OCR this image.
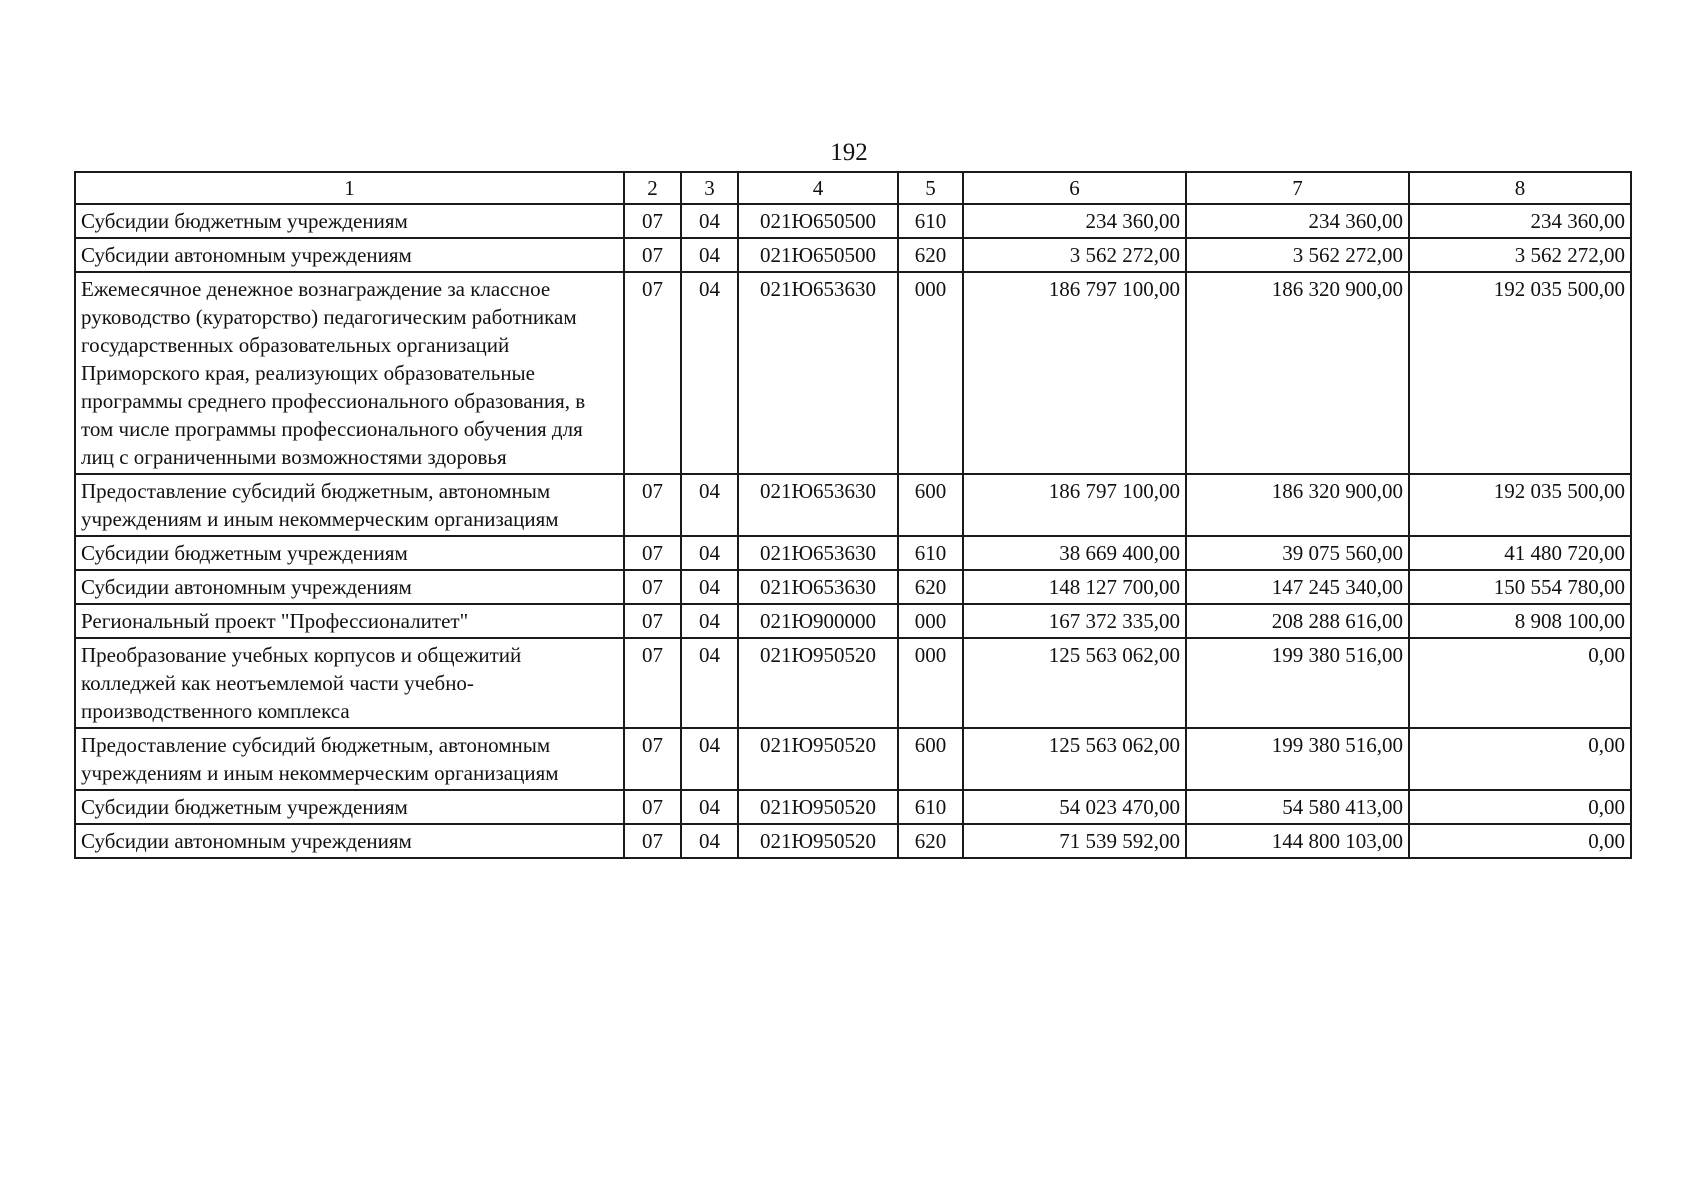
192
1	2	3	4	5	6	7	8
Субсидии бюджетным учреждениям	07	04	021Ю650500	610	234 360,00	234 360,00	234 360,00
Субсидии автономным учреждениям	07	04	021Ю650500	620	3 562 272,00	3 562 272,00	3 562 272,00
Ежемесячное денежное вознаграждение за классное руководство (кураторство) педагогическим работникам государственных образовательных организаций Приморского края, реализующих образовательные программы среднего профессионального образования, в том числе программы профессионального обучения для лиц с ограниченными возможностями здоровья	07	04	021Ю653630	000	186 797 100,00	186 320 900,00	192 035 500,00
Предоставление субсидий бюджетным, автономным учреждениям и иным некоммерческим организациям	07	04	021Ю653630	600	186 797 100,00	186 320 900,00	192 035 500,00
Субсидии бюджетным учреждениям	07	04	021Ю653630	610	38 669 400,00	39 075 560,00	41 480 720,00
Субсидии автономным учреждениям	07	04	021Ю653630	620	148 127 700,00	147 245 340,00	150 554 780,00
Региональный проект "Профессионалитет"	07	04	021Ю900000	000	167 372 335,00	208 288 616,00	8 908 100,00
Преобразование учебных корпусов и общежитий колледжей как неотъемлемой части учебно-производственного комплекса	07	04	021Ю950520	000	125 563 062,00	199 380 516,00	0,00
Предоставление субсидий бюджетным, автономным учреждениям и иным некоммерческим организациям	07	04	021Ю950520	600	125 563 062,00	199 380 516,00	0,00
Субсидии бюджетным учреждениям	07	04	021Ю950520	610	54 023 470,00	54 580 413,00	0,00
Субсидии автономным учреждениям	07	04	021Ю950520	620	71 539 592,00	144 800 103,00	0,00
